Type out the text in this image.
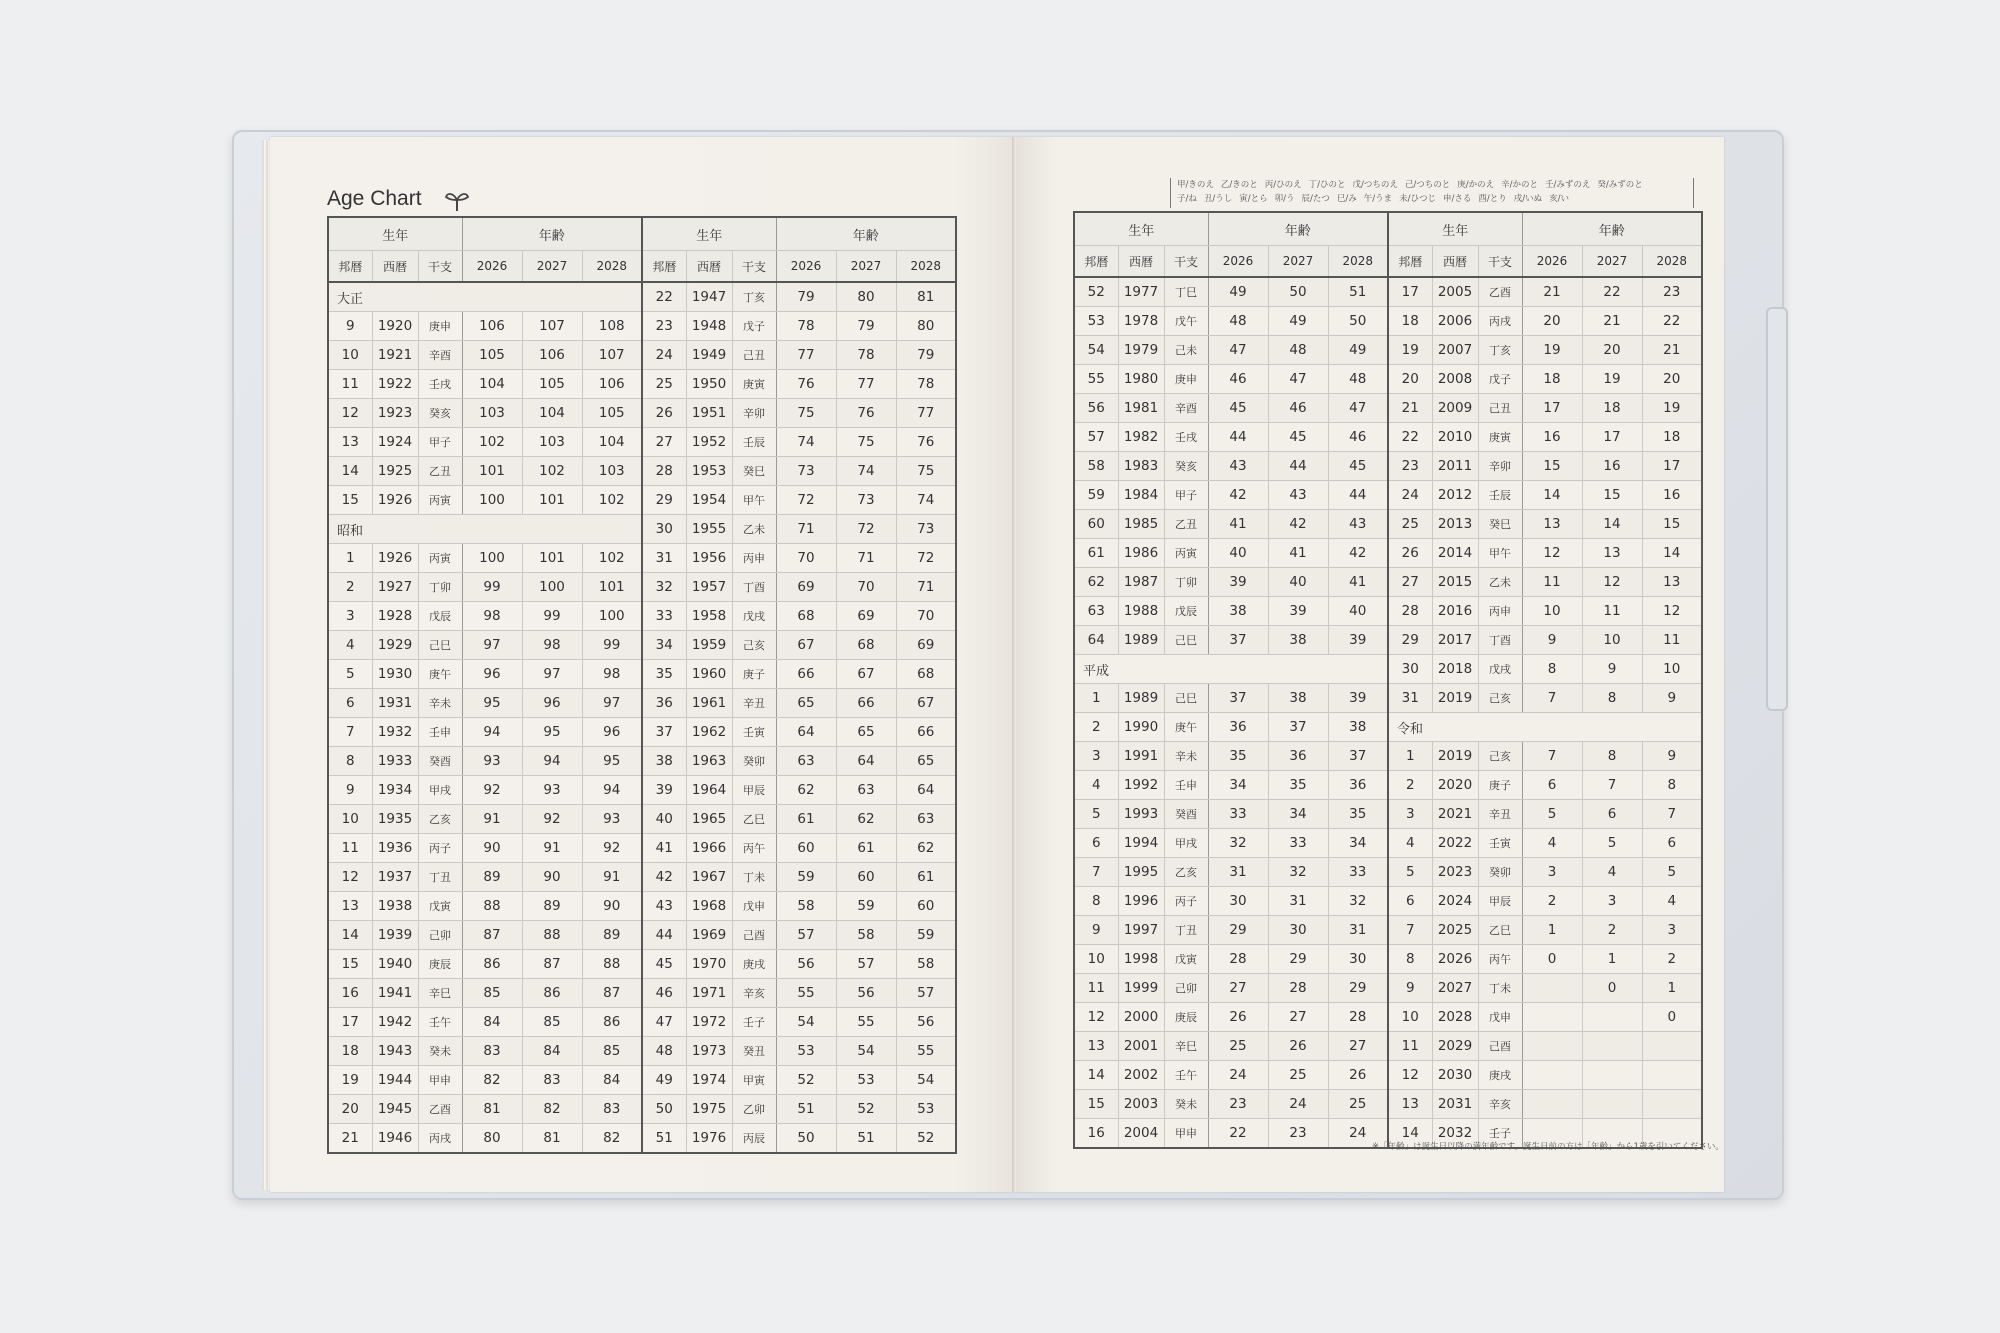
Age Chart
甲/きのえ 乙/きのと 丙/ひのえ 丁/ひのと 戊/つちのえ 己/つちのと 庚/かのえ 辛/かのと 壬/みずのえ 癸/みずのと
子/ね 丑/うし 寅/とら 卯/う 辰/たつ 巳/み 午/うま 未/ひつじ 申/さる 酉/とり 戌/いぬ 亥/い
生年			年齢			生年			年齢		
邦暦	西暦	干支	2026	2027	2028	邦暦	西暦	干支	2026	2027	2028
大正						22	1947	丁亥	79	80	81
9	1920	庚申	106	107	108	23	1948	戊子	78	79	80
10	1921	辛酉	105	106	107	24	1949	己丑	77	78	79
11	1922	壬戌	104	105	106	25	1950	庚寅	76	77	78
12	1923	癸亥	103	104	105	26	1951	辛卯	75	76	77
13	1924	甲子	102	103	104	27	1952	壬辰	74	75	76
14	1925	乙丑	101	102	103	28	1953	癸巳	73	74	75
15	1926	丙寅	100	101	102	29	1954	甲午	72	73	74
昭和						30	1955	乙未	71	72	73
1	1926	丙寅	100	101	102	31	1956	丙申	70	71	72
2	1927	丁卯	99	100	101	32	1957	丁酉	69	70	71
3	1928	戊辰	98	99	100	33	1958	戊戌	68	69	70
4	1929	己巳	97	98	99	34	1959	己亥	67	68	69
5	1930	庚午	96	97	98	35	1960	庚子	66	67	68
6	1931	辛未	95	96	97	36	1961	辛丑	65	66	67
7	1932	壬申	94	95	96	37	1962	壬寅	64	65	66
8	1933	癸酉	93	94	95	38	1963	癸卯	63	64	65
9	1934	甲戌	92	93	94	39	1964	甲辰	62	63	64
10	1935	乙亥	91	92	93	40	1965	乙巳	61	62	63
11	1936	丙子	90	91	92	41	1966	丙午	60	61	62
12	1937	丁丑	89	90	91	42	1967	丁未	59	60	61
13	1938	戊寅	88	89	90	43	1968	戊申	58	59	60
14	1939	己卯	87	88	89	44	1969	己酉	57	58	59
15	1940	庚辰	86	87	88	45	1970	庚戌	56	57	58
16	1941	辛巳	85	86	87	46	1971	辛亥	55	56	57
17	1942	壬午	84	85	86	47	1972	壬子	54	55	56
18	1943	癸未	83	84	85	48	1973	癸丑	53	54	55
19	1944	甲申	82	83	84	49	1974	甲寅	52	53	54
20	1945	乙酉	81	82	83	50	1975	乙卯	51	52	53
21	1946	丙戌	80	81	82	51	1976	丙辰	50	51	52
生年			年齢			生年			年齢		
邦暦	西暦	干支	2026	2027	2028	邦暦	西暦	干支	2026	2027	2028
52	1977	丁巳	49	50	51	17	2005	乙酉	21	22	23
53	1978	戊午	48	49	50	18	2006	丙戌	20	21	22
54	1979	己未	47	48	49	19	2007	丁亥	19	20	21
55	1980	庚申	46	47	48	20	2008	戊子	18	19	20
56	1981	辛酉	45	46	47	21	2009	己丑	17	18	19
57	1982	壬戌	44	45	46	22	2010	庚寅	16	17	18
58	1983	癸亥	43	44	45	23	2011	辛卯	15	16	17
59	1984	甲子	42	43	44	24	2012	壬辰	14	15	16
60	1985	乙丑	41	42	43	25	2013	癸巳	13	14	15
61	1986	丙寅	40	41	42	26	2014	甲午	12	13	14
62	1987	丁卯	39	40	41	27	2015	乙未	11	12	13
63	1988	戊辰	38	39	40	28	2016	丙申	10	11	12
64	1989	己巳	37	38	39	29	2017	丁酉	9	10	11
平成						30	2018	戊戌	8	9	10
1	1989	己巳	37	38	39	31	2019	己亥	7	8	9
2	1990	庚午	36	37	38	令和					
3	1991	辛未	35	36	37	1	2019	己亥	7	8	9
4	1992	壬申	34	35	36	2	2020	庚子	6	7	8
5	1993	癸酉	33	34	35	3	2021	辛丑	5	6	7
6	1994	甲戌	32	33	34	4	2022	壬寅	4	5	6
7	1995	乙亥	31	32	33	5	2023	癸卯	3	4	5
8	1996	丙子	30	31	32	6	2024	甲辰	2	3	4
9	1997	丁丑	29	30	31	7	2025	乙巳	1	2	3
10	1998	戊寅	28	29	30	8	2026	丙午	0	1	2
11	1999	己卯	27	28	29	9	2027	丁未		0	1
12	2000	庚辰	26	27	28	10	2028	戊申			0
13	2001	辛巳	25	26	27	11	2029	己酉			
14	2002	壬午	24	25	26	12	2030	庚戌			
15	2003	癸未	23	24	25	13	2031	辛亥			
16	2004	甲申	22	23	24	14	2032	壬子			
※「年齢」は誕生日以降の満年齢です。誕生日前の方は「年齢」から1歳を引いてください。
